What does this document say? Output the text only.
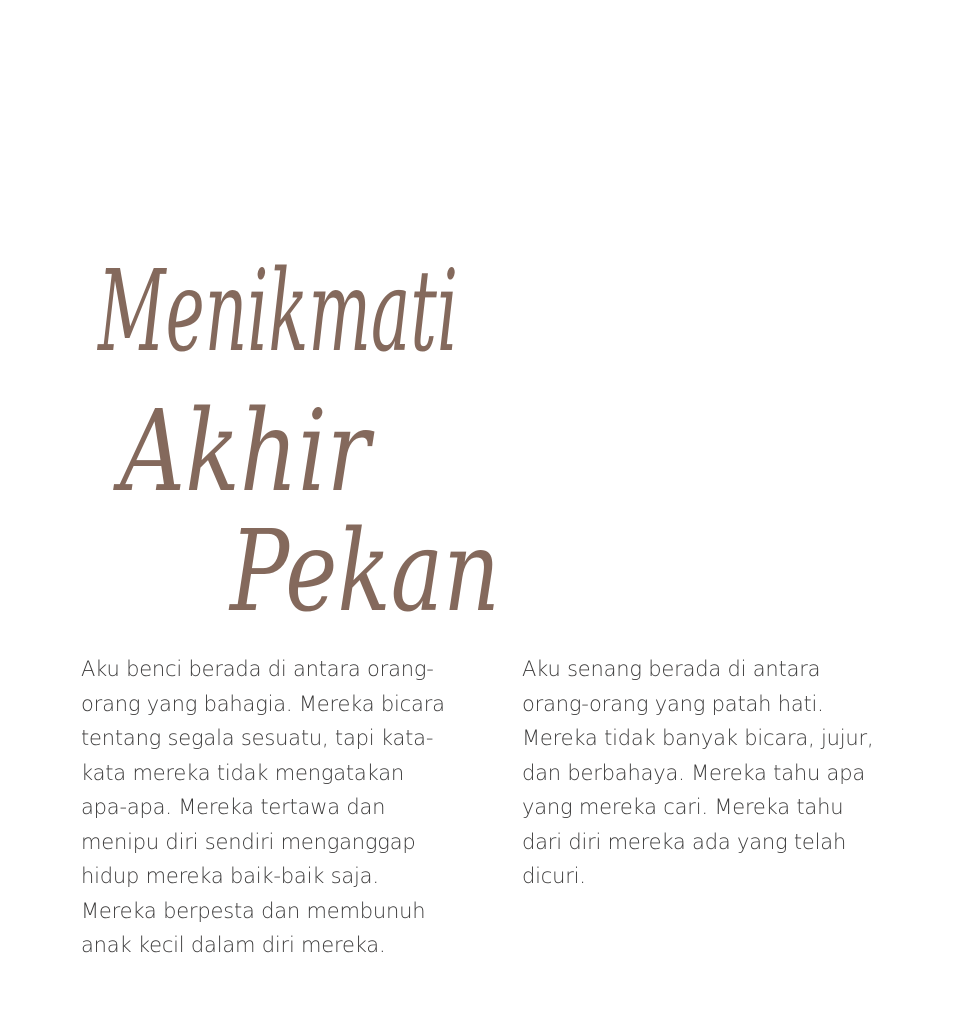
Menikmati
Akhir
Pekan
Aku benci berada di antara orang-
orang yang bahagia. Mereka bicara
tentang segala sesuatu, tapi kata-
kata mereka tidak mengatakan
apa-apa. Mereka tertawa dan
menipu diri sendiri menganggap
hidup mereka baik-baik saja.
Mereka berpesta dan membunuh
anak kecil dalam diri mereka.
Aku senang berada di antara
orang-orang yang patah hati.
Mereka tidak banyak bicara, jujur,
dan berbahaya. Mereka tahu apa
yang mereka cari. Mereka tahu
dari diri mereka ada yang telah
dicuri.
